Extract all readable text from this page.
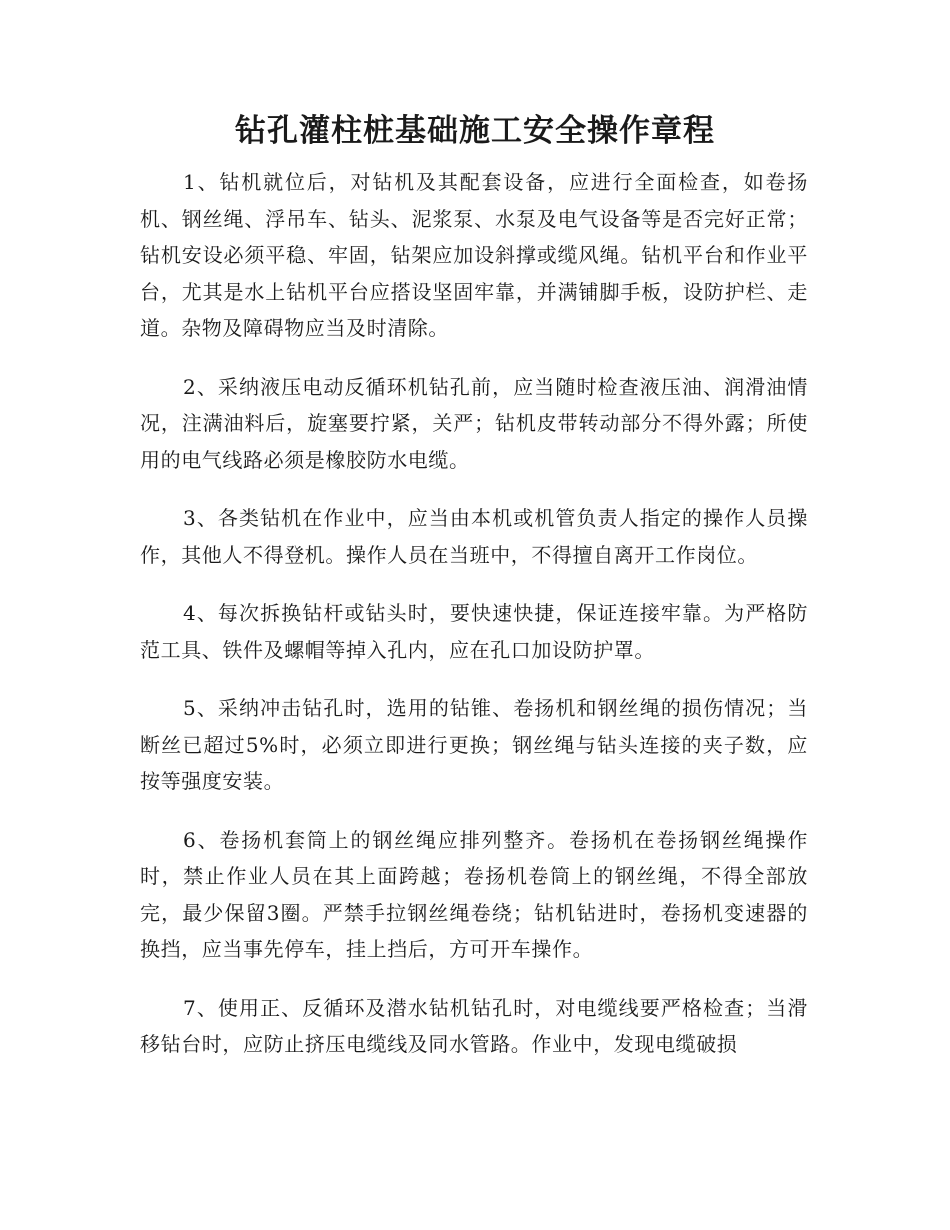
钻孔灌柱桩基础施工安全操作章程

1、钻机就位后，对钻机及其配套设备，应进行全面检查，如卷扬机、钢丝绳、浮吊车、钻头、泥浆泵、水泵及电气设备等是否完好正常；钻机安设必须平稳、牢固，钻架应加设斜撑或缆风绳。钻机平台和作业平台，尤其是水上钻机平台应搭设坚固牢靠，并满铺脚手板，设防护栏、走道。杂物及障碍物应当及时清除。

2、采纳液压电动反循环机钻孔前，应当随时检查液压油、润滑油情况，注满油料后，旋塞要拧紧，关严；钻机皮带转动部分不得外露；所使用的电气线路必须是橡胶防水电缆。

3、各类钻机在作业中，应当由本机或机管负责人指定的操作人员操作，其他人不得登机。操作人员在当班中，不得擅自离开工作岗位。

4、每次拆换钻杆或钻头时，要快速快捷，保证连接牢靠。为严格防范工具、铁件及螺帽等掉入孔内，应在孔口加设防护罩。

5、采纳冲击钻孔时，选用的钻锥、卷扬机和钢丝绳的损伤情况；当断丝已超过5%时，必须立即进行更换；钢丝绳与钻头连接的夹子数，应按等强度安装。

6、卷扬机套筒上的钢丝绳应排列整齐。卷扬机在卷扬钢丝绳操作时，禁止作业人员在其上面跨越；卷扬机卷筒上的钢丝绳，不得全部放完，最少保留3圈。严禁手拉钢丝绳卷绕；钻机钻进时，卷扬机变速器的换挡，应当事先停车，挂上挡后，方可开车操作。

7、使用正、反循环及潜水钻机钻孔时，对电缆线要严格检查；当滑移钻台时，应防止挤压电缆线及同水管路。作业中，发现电缆破损
